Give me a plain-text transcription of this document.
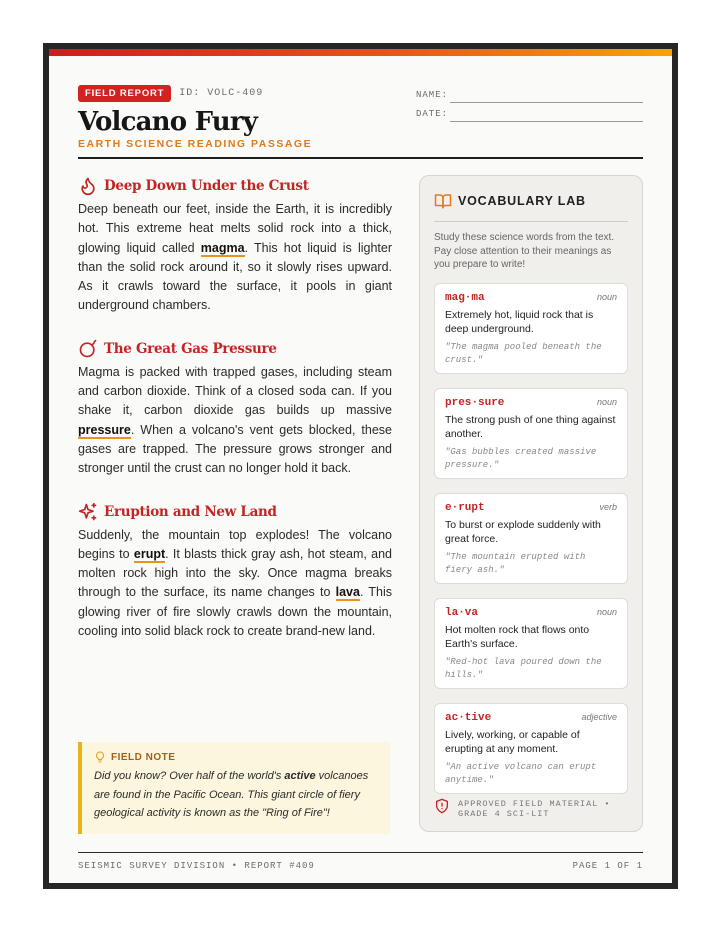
FIELD REPORT ID: VOLC-409
Volcano Fury
EARTH SCIENCE READING PASSAGE
NAME:
DATE:
Deep Down Under the Crust

Deep beneath our feet, inside the Earth, it is incredibly hot. This extreme heat melts solid rock into a thick, glowing liquid called magma. This hot liquid is lighter than the solid rock around it, so it slowly rises upward. As it crawls toward the surface, it pools in giant underground chambers.

The Great Gas Pressure

Magma is packed with trapped gases, including steam and carbon dioxide. Think of a closed soda can. If you shake it, carbon dioxide gas builds up massive pressure. When a volcano's vent gets blocked, these gases are trapped. The pressure grows stronger and stronger until the crust can no longer hold it back.

Eruption and New Land

Suddenly, the mountain top explodes! The volcano begins to erupt. It blasts thick gray ash, hot steam, and molten rock high into the sky. Once magma breaks through to the surface, its name changes to lava. This glowing river of fire slowly crawls down the mountain, cooling into solid black rock to create brand-new land.

FIELD NOTE

Did you know? Over half of the world's active volcanoes are found in the Pacific Ocean. This giant circle of fiery geological activity is known as the "Ring of Fire"!

VOCABULARY LAB

Study these science words from the text. Pay close attention to their meanings as you prepare to write!

mag·ma	noun

Extremely hot, liquid rock that is deep underground.

"The magma pooled beneath the crust."

pres·sure	noun

The strong push of one thing against another.

"Gas bubbles created massive pressure."

e·rupt	verb

To burst or explode suddenly with great force.

"The mountain erupted with fiery ash."

la·va	noun

Hot molten rock that flows onto Earth's surface.

"Red-hot lava poured down the hills."

ac·tive	adjective

Lively, working, or capable of erupting at any moment.

"An active volcano can erupt anytime."

APPROVED FIELD MATERIAL • GRADE 4 SCI-LIT
SEISMIC SURVEY DIVISION • REPORT #409	PAGE 1 OF 1
